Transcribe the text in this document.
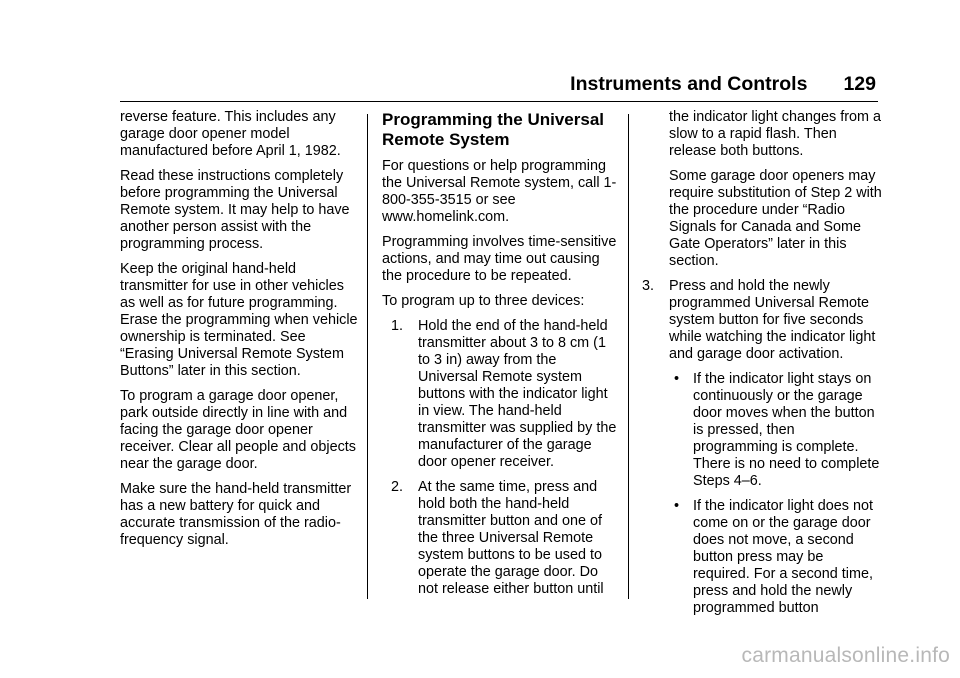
Instruments and Controls 129

reverse feature. This includes any garage door opener model manufactured before April 1, 1982.

Read these instructions completely before programming the Universal Remote system. It may help to have another person assist with the programming process.

Keep the original hand-held transmitter for use in other vehicles as well as for future programming. Erase the programming when vehicle ownership is terminated. See “Erasing Universal Remote System Buttons” later in this section.

To program a garage door opener, park outside directly in line with and facing the garage door opener receiver. Clear all people and objects near the garage door.

Make sure the hand-held transmitter has a new battery for quick and accurate transmission of the radio-frequency signal.

Programming the Universal Remote System

For questions or help programming the Universal Remote system, call 1-800-355-3515 or see www.homelink.com.

Programming involves time-sensitive actions, and may time out causing the procedure to be repeated.

To program up to three devices:

1. Hold the end of the hand-held transmitter about 3 to 8 cm (1 to 3 in) away from the Universal Remote system buttons with the indicator light in view. The hand-held transmitter was supplied by the manufacturer of the garage door opener receiver.
2. At the same time, press and hold both the hand-held transmitter button and one of the three Universal Remote system buttons to be used to operate the garage door. Do not release either button until

the indicator light changes from a slow to a rapid flash. Then release both buttons.

Some garage door openers may require substitution of Step 2 with the procedure under “Radio Signals for Canada and Some Gate Operators” later in this section.

3. Press and hold the newly programmed Universal Remote system button for five seconds while watching the indicator light and garage door activation.
• If the indicator light stays on continuously or the garage door moves when the button is pressed, then programming is complete. There is no need to complete Steps 4–6.
• If the indicator light does not come on or the garage door does not move, a second button press may be required. For a second time, press and hold the newly programmed button
carmanualsonline.info
